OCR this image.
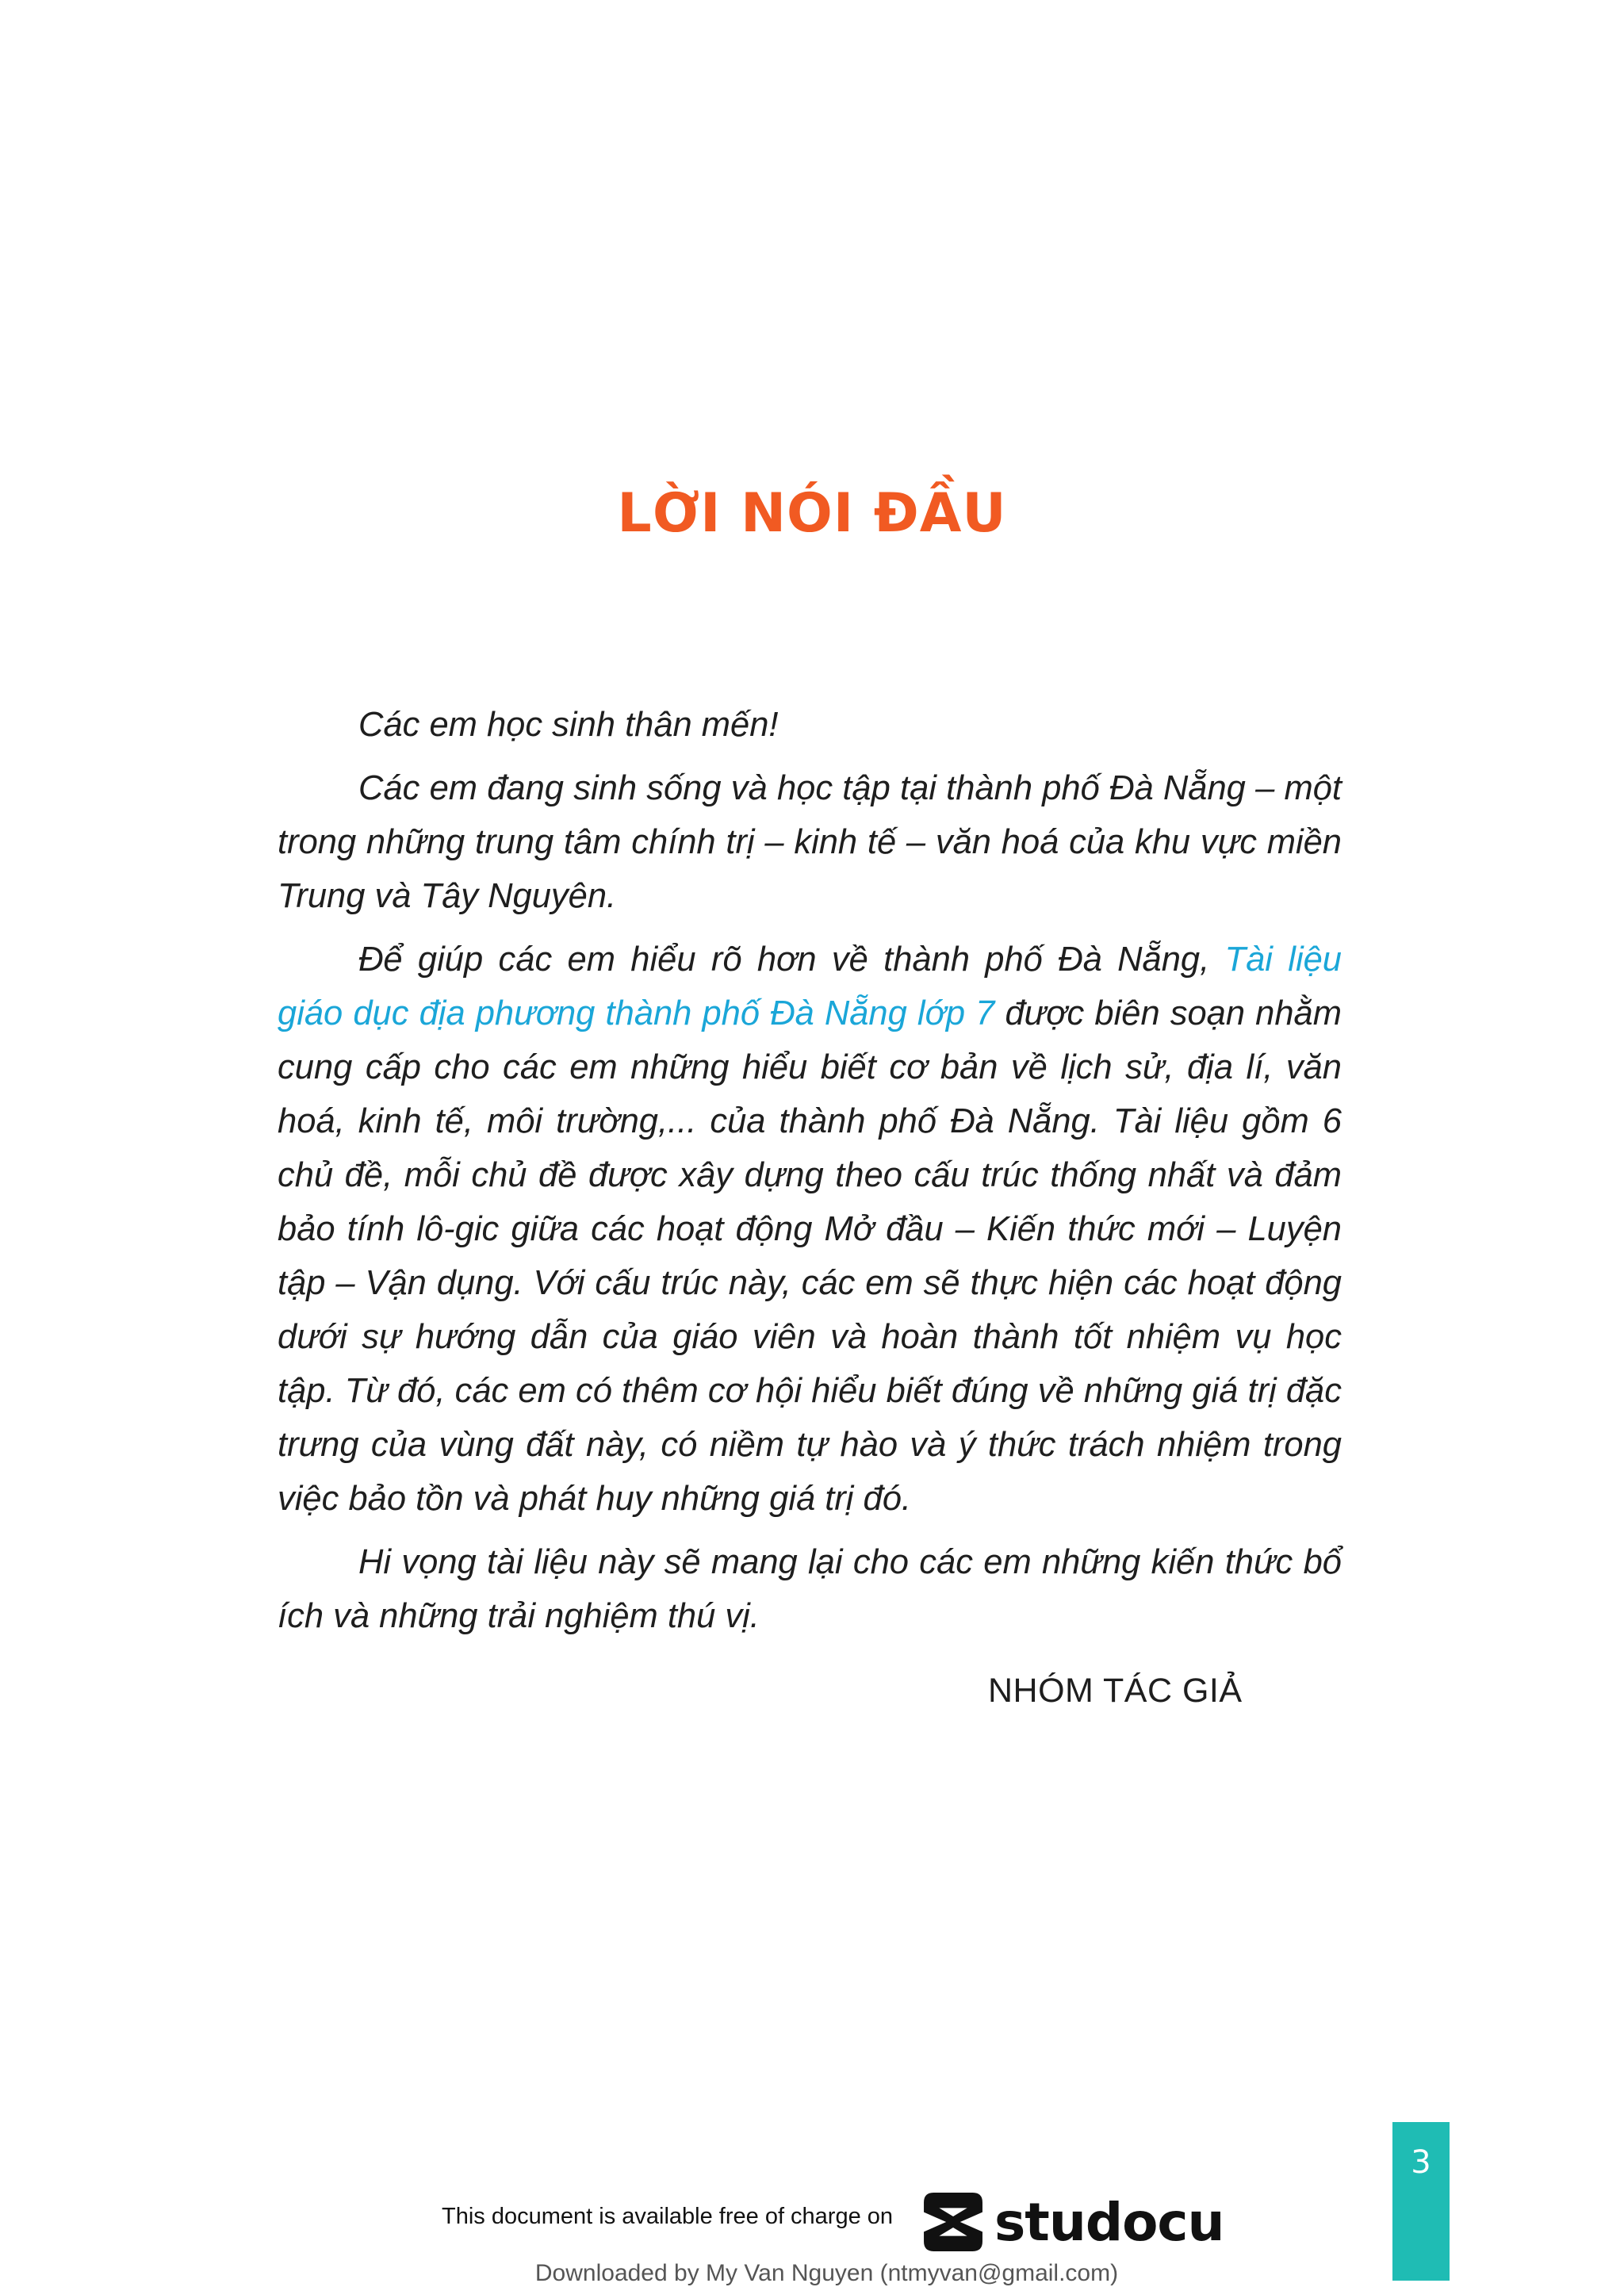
LỜI NÓI ĐẦU

Các em học sinh thân mến!

Các em đang sinh sống và học tập tại thành phố Đà Nẵng – một trong những trung tâm chính trị – kinh tế – văn hoá của khu vực miền Trung và Tây Nguyên.

Để giúp các em hiểu rõ hơn về thành phố Đà Nẵng, Tài liệu giáo dục địa phương thành phố Đà Nẵng lớp 7 được biên soạn nhằm cung cấp cho các em những hiểu biết cơ bản về lịch sử, địa lí, văn hoá, kinh tế, môi trường,... của thành phố Đà Nẵng. Tài liệu gồm 6 chủ đề, mỗi chủ đề được xây dựng theo cấu trúc thống nhất và đảm bảo tính lô-gic giữa các hoạt động Mở đầu – Kiến thức mới – Luyện tập – Vận dụng. Với cấu trúc này, các em sẽ thực hiện các hoạt động dưới sự hướng dẫn của giáo viên và hoàn thành tốt nhiệm vụ học tập. Từ đó, các em có thêm cơ hội hiểu biết đúng về những giá trị đặc trưng của vùng đất này, có niềm tự hào và ý thức trách nhiệm trong việc bảo tồn và phát huy những giá trị đó.

Hi vọng tài liệu này sẽ mang lại cho các em những kiến thức bổ ích và những trải nghiệm thú vị.

NHÓM TÁC GIẢ
3
This document is available free of charge on studocu
Downloaded by My Van Nguyen (ntmyvan@gmail.com)
